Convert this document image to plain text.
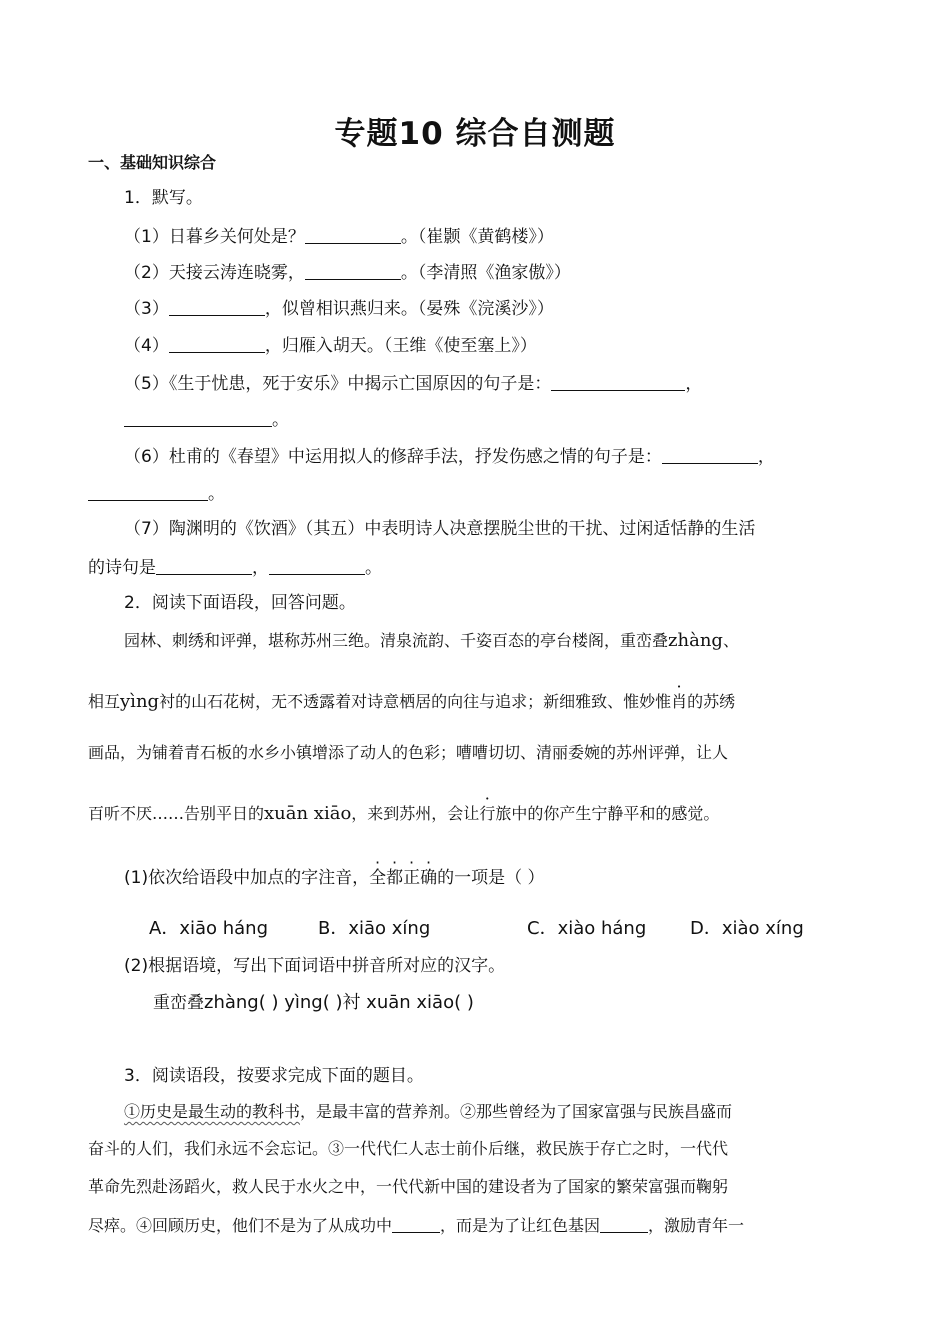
专题10 综合自测题
一、基础知识综合
1．默写。
（1）日暮乡关何处是？	。（崔颢《黄鹤楼》）
（2）天接云涛连晓雾，	。（李清照《渔家傲》）
（3）	，似曾相识燕归来。（晏殊《浣溪沙》）
（4）	，归雁入胡天。（王维《使至塞上》）
（5）《生于忧患，死于安乐》中揭示亡国原因的句子是：	，
。
（6）杜甫的《春望》中运用拟人的修辞手法，抒发伤感之情的句子是：	，
。
（7）陶渊明的《饮酒》（其五）中表明诗人决意摆脱尘世的干扰、过闲适恬静的生活
的诗句是	，	。
2．阅读下面语段，回答问题。
园林、刺绣和评弹，堪称苏州三绝。清泉流韵、千姿百态的亭台楼阁，重峦叠zhàng、
相互yìng衬的山石花树，无不透露着对诗意栖居的向往与追求；新细雅致、惟妙惟肖的苏绣
画品，为铺着青石板的水乡小镇增添了动人的色彩；嘈嘈切切、清丽委婉的苏州评弹，让人
百听不厌……告别平日的xuān xiāo，来到苏州，会让行旅中的你产生宁静平和的感觉。
(1)依次给语段中加点的字注音，全都正确的一项是（ ）
A．xiāo háng	B．xiāo xíng	C．xiào háng D．xiào xíng
(2)根据语境，写出下面词语中拼音所对应的汉字。
重峦叠zhàng( ) yìng( )衬 xuān xiāo( )
3．阅读语段，按要求完成下面的题目。
①历史是最生动的教科书，是最丰富的营养剂。②那些曾经为了国家富强与民族昌盛而
奋斗的人们，我们永远不会忘记。③一代代仁人志士前仆后继，救民族于存亡之时，一代代
革命先烈赴汤蹈火，救人民于水火之中，一代代新中国的建设者为了国家的繁荣富强而鞠躬
尽瘁。④回顾历史，他们不是为了从成功中	，而是为了让红色基因	，激励青年一
